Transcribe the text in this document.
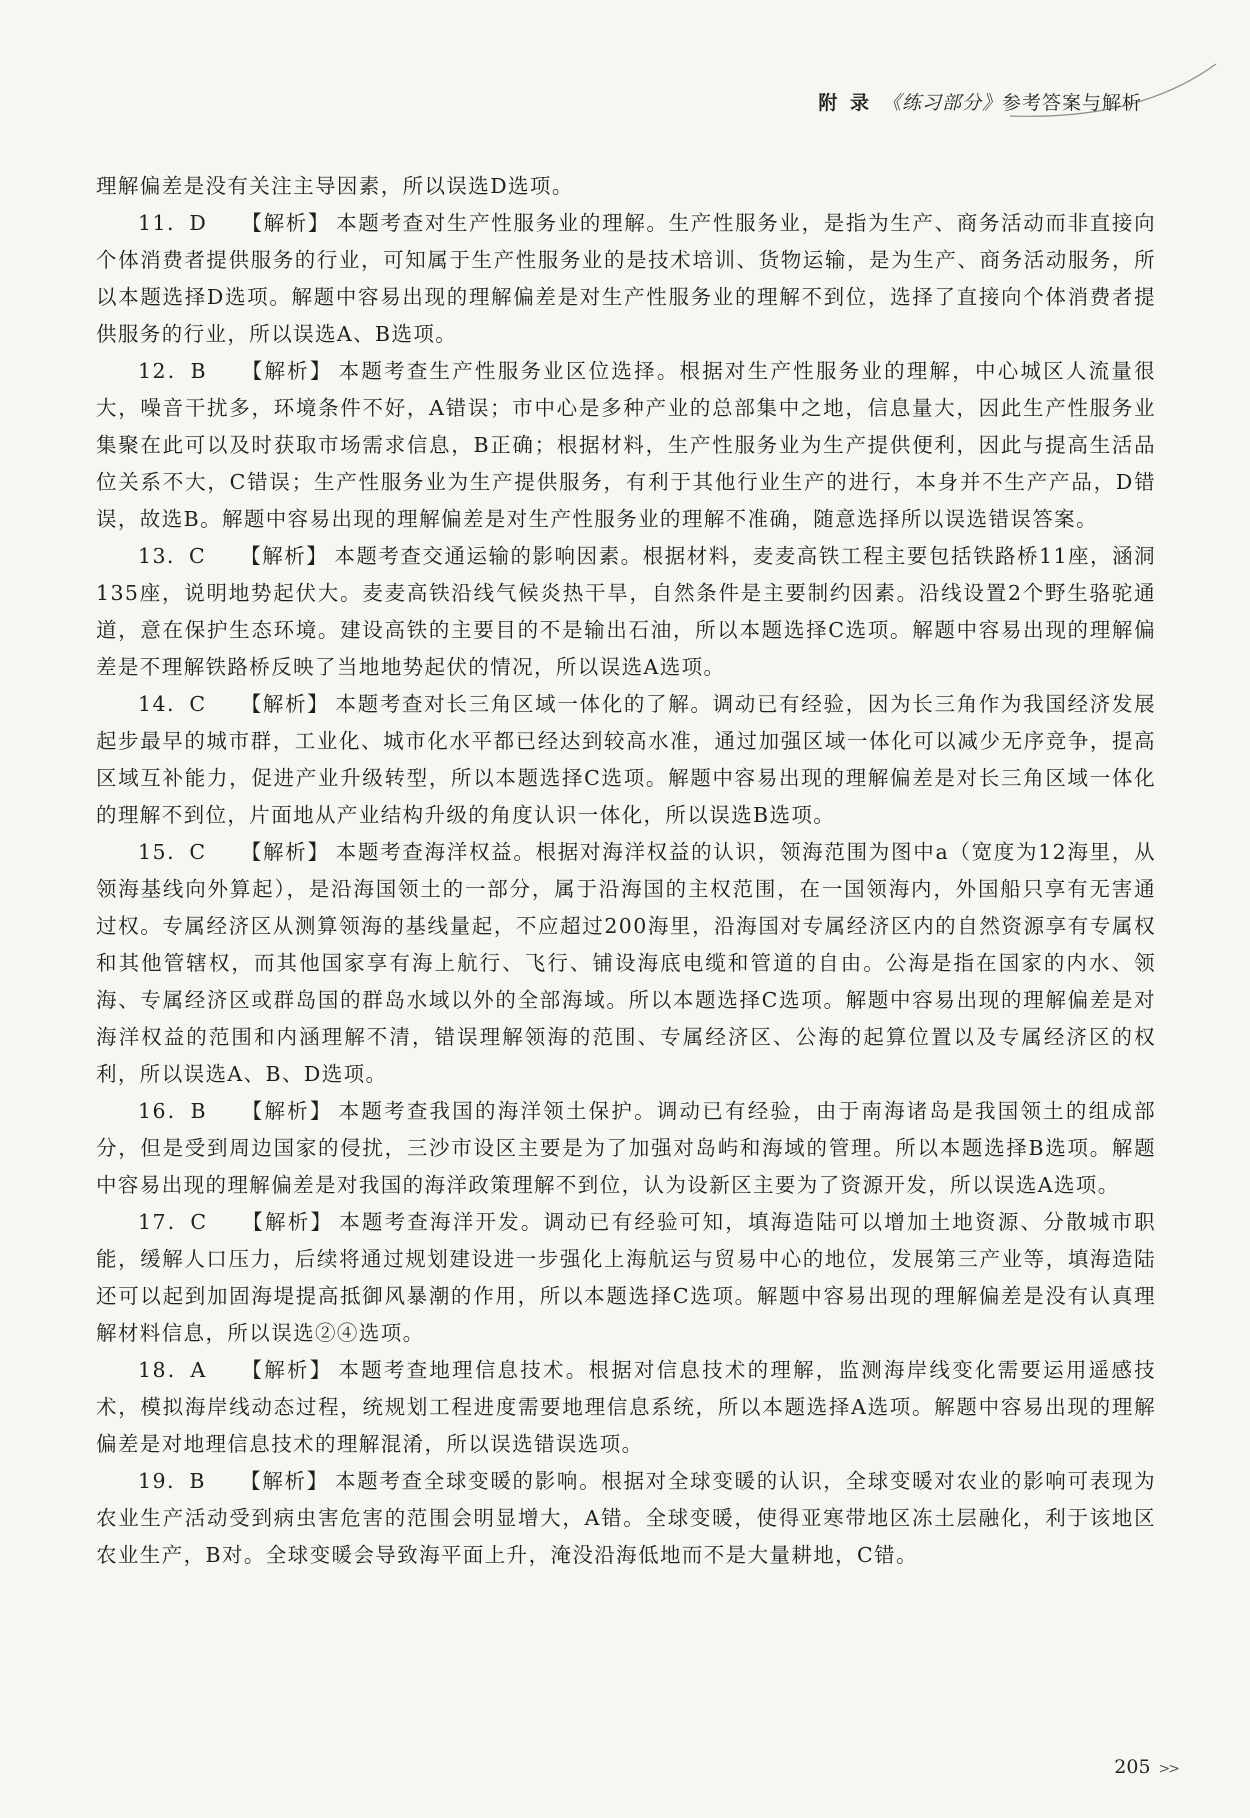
附 录 《练习部分》参考答案与解析

理解偏差是没有关注主导因素，所以误选D选项。

11．D 【解析】 本题考查对生产性服务业的理解。生产性服务业，是指为生产、商务活动而非直接向个体消费者提供服务的行业，可知属于生产性服务业的是技术培训、货物运输，是为生产、商务活动服务，所以本题选择D选项。解题中容易出现的理解偏差是对生产性服务业的理解不到位，选择了直接向个体消费者提供服务的行业，所以误选A、B选项。

12．B 【解析】 本题考查生产性服务业区位选择。根据对生产性服务业的理解，中心城区人流量很大，噪音干扰多，环境条件不好，A错误；市中心是多种产业的总部集中之地，信息量大，因此生产性服务业集聚在此可以及时获取市场需求信息，B正确；根据材料，生产性服务业为生产提供便利，因此与提高生活品位关系不大，C错误；生产性服务业为生产提供服务，有利于其他行业生产的进行，本身并不生产产品，D错误，故选B。解题中容易出现的理解偏差是对生产性服务业的理解不准确，随意选择所以误选错误答案。

13．C 【解析】 本题考查交通运输的影响因素。根据材料，麦麦高铁工程主要包括铁路桥11座，涵洞135座，说明地势起伏大。麦麦高铁沿线气候炎热干旱，自然条件是主要制约因素。沿线设置2个野生骆驼通道，意在保护生态环境。建设高铁的主要目的不是输出石油，所以本题选择C选项。解题中容易出现的理解偏差是不理解铁路桥反映了当地地势起伏的情况，所以误选A选项。

14．C 【解析】 本题考查对长三角区域一体化的了解。调动已有经验，因为长三角作为我国经济发展起步最早的城市群，工业化、城市化水平都已经达到较高水准，通过加强区域一体化可以减少无序竞争，提高区域互补能力，促进产业升级转型，所以本题选择C选项。解题中容易出现的理解偏差是对长三角区域一体化的理解不到位，片面地从产业结构升级的角度认识一体化，所以误选B选项。

15．C 【解析】 本题考查海洋权益。根据对海洋权益的认识，领海范围为图中a（宽度为12海里，从领海基线向外算起），是沿海国领土的一部分，属于沿海国的主权范围，在一国领海内，外国船只享有无害通过权。专属经济区从测算领海的基线量起，不应超过200海里，沿海国对专属经济区内的自然资源享有专属权和其他管辖权，而其他国家享有海上航行、飞行、铺设海底电缆和管道的自由。公海是指在国家的内水、领海、专属经济区或群岛国的群岛水域以外的全部海域。所以本题选择C选项。解题中容易出现的理解偏差是对海洋权益的范围和内涵理解不清，错误理解领海的范围、专属经济区、公海的起算位置以及专属经济区的权利，所以误选A、B、D选项。

16．B 【解析】 本题考查我国的海洋领土保护。调动已有经验，由于南海诸岛是我国领土的组成部分，但是受到周边国家的侵扰，三沙市设区主要是为了加强对岛屿和海域的管理。所以本题选择B选项。解题中容易出现的理解偏差是对我国的海洋政策理解不到位，认为设新区主要为了资源开发，所以误选A选项。

17．C 【解析】 本题考查海洋开发。调动已有经验可知，填海造陆可以增加土地资源、分散城市职能，缓解人口压力，后续将通过规划建设进一步强化上海航运与贸易中心的地位，发展第三产业等，填海造陆还可以起到加固海堤提高抵御风暴潮的作用，所以本题选择C选项。解题中容易出现的理解偏差是没有认真理解材料信息，所以误选②④选项。

18．A 【解析】 本题考查地理信息技术。根据对信息技术的理解，监测海岸线变化需要运用遥感技术，模拟海岸线动态过程，统规划工程进度需要地理信息系统，所以本题选择A选项。解题中容易出现的理解偏差是对地理信息技术的理解混淆，所以误选错误选项。

19．B 【解析】 本题考查全球变暖的影响。根据对全球变暖的认识，全球变暖对农业的影响可表现为农业生产活动受到病虫害危害的范围会明显增大，A错。全球变暖，使得亚寒带地区冻土层融化，利于该地区农业生产，B对。全球变暖会导致海平面上升，淹没沿海低地而不是大量耕地，C错。

205 >>
